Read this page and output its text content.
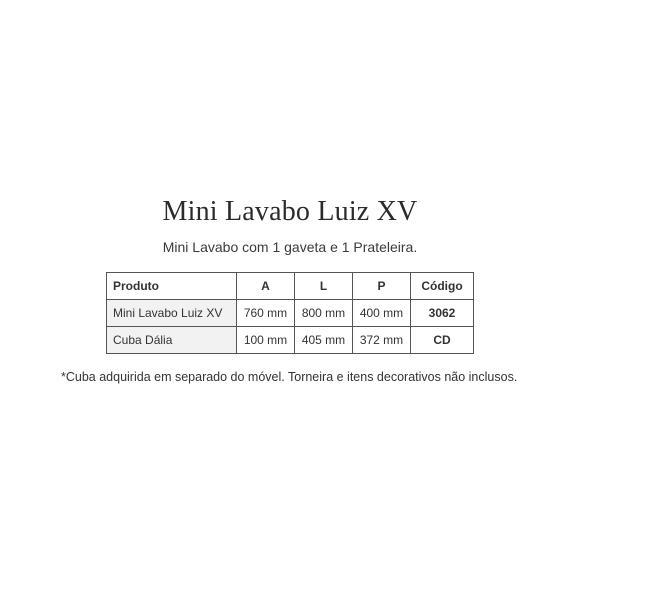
Mini Lavabo Luiz XV
Mini Lavabo com 1 gaveta e 1 Prateleira.
Produto	A	L	P	Código
Mini Lavabo Luiz XV	760 mm	800 mm	400 mm	3062
Cuba Dália	100 mm	405 mm	372 mm	CD
*Cuba adquirida em separado do móvel. Torneira e itens decorativos não inclusos.
